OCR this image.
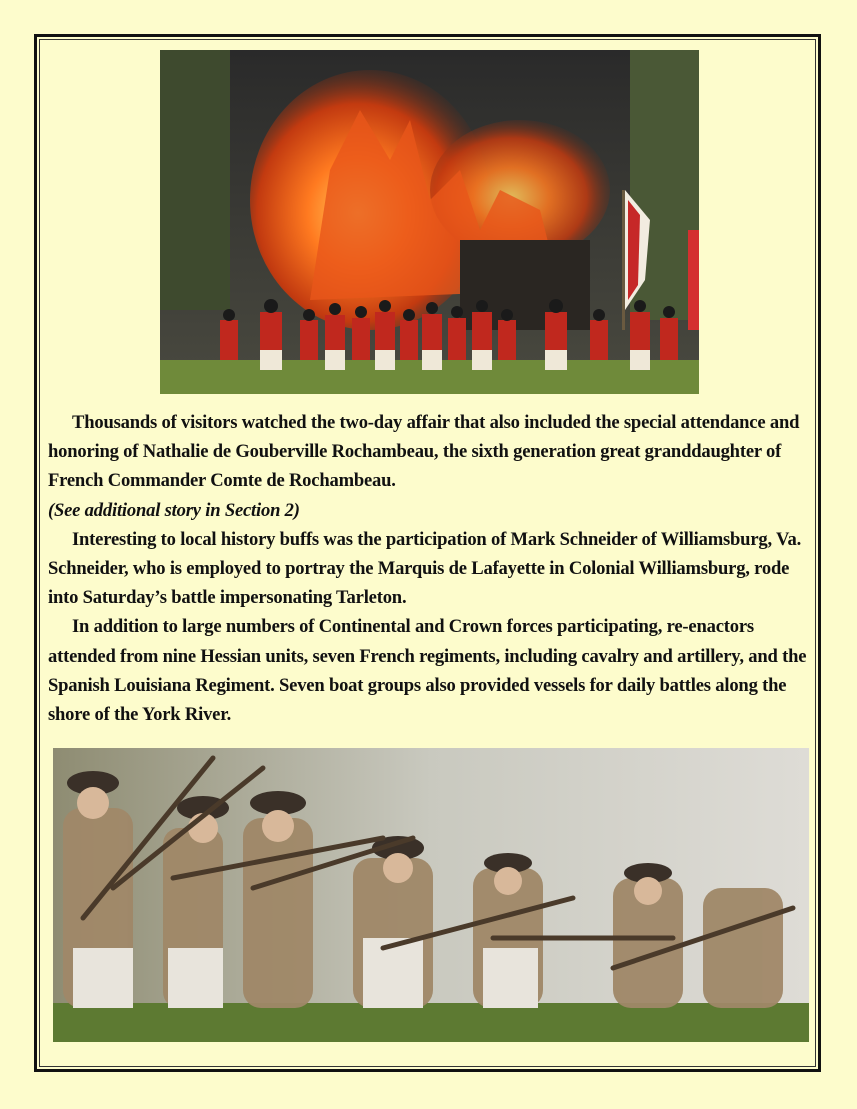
Thousands of visitors watched the two-day affair that also included the special attendance and honoring of Nathalie de Gouberville Rochambeau, the sixth generation great granddaughter of French Commander Comte de Rochambeau.

(See additional story in Section 2)

Interesting to local history buffs was the participation of Mark Schneider of Williamsburg, Va. Schneider, who is employed to portray the Marquis de Lafayette in Colonial Williamsburg, rode into Saturday’s battle impersonating Tarleton.

In addition to large numbers of Continental and Crown forces participating, re-enactors attended from nine Hessian units, seven French regiments, including cavalry and artillery, and the Spanish Louisiana Regiment. Seven boat groups also provided vessels for daily battles along the shore of the York River.
